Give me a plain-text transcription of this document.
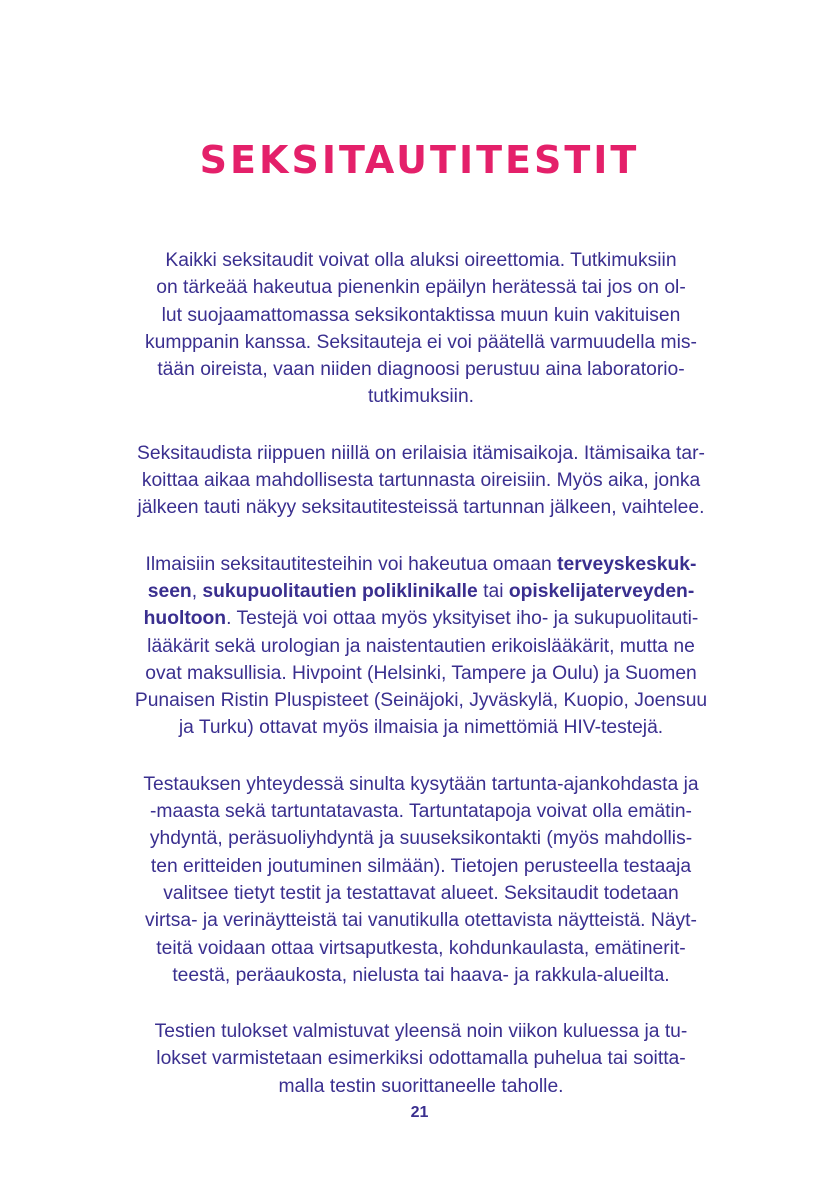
SEKSITAUTITESTIT

Kaikki seksitaudit voivat olla aluksi oireettomia. Tutkimuksiin
on tärkeää hakeutua pienenkin epäilyn herätessä tai jos on ol-
lut suojaamattomassa seksikontaktissa muun kuin vakituisen
kumppanin kanssa. Seksitauteja ei voi päätellä varmuudella mis-
tään oireista, vaan niiden diagnoosi perustuu aina laboratorio-
tutkimuksiin.

Seksitaudista riippuen niillä on erilaisia itämisaikoja. Itämisaika tar-
koittaa aikaa mahdollisesta tartunnasta oireisiin. Myös aika, jonka
jälkeen tauti näkyy seksitautitesteissä tartunnan jälkeen, vaihtelee.

Ilmaisiin seksitautitesteihin voi hakeutua omaan terveyskeskuk-
seen, sukupuolitautien poliklinikalle tai opiskelijaterveyden-
huoltoon. Testejä voi ottaa myös yksityiset iho- ja sukupuolitauti-
lääkärit sekä urologian ja naistentautien erikoislääkärit, mutta ne
ovat maksullisia. Hivpoint (Helsinki, Tampere ja Oulu) ja Suomen
Punaisen Ristin Pluspisteet (Seinäjoki, Jyväskylä, Kuopio, Joensuu
ja Turku) ottavat myös ilmaisia ja nimettömiä HIV-testejä.

Testauksen yhteydessä sinulta kysytään tartunta-ajankohdasta ja
-maasta sekä tartuntatavasta. Tartuntatapoja voivat olla emätin-
yhdyntä, peräsuoliyhdyntä ja suuseksikontakti (myös mahdollis-
ten eritteiden joutuminen silmään). Tietojen perusteella testaaja
valitsee tietyt testit ja testattavat alueet. Seksitaudit todetaan
virtsa- ja verinäytteistä tai vanutikulla otettavista näytteistä. Näyt-
teitä voidaan ottaa virtsaputkesta, kohdunkaulasta, emätinerit-
teestä, peräaukosta, nielusta tai haava- ja rakkula-alueilta.

Testien tulokset valmistuvat yleensä noin viikon kuluessa ja tu-
lokset varmistetaan esimerkiksi odottamalla puhelua tai soitta-
malla testin suorittaneelle taholle.

21
